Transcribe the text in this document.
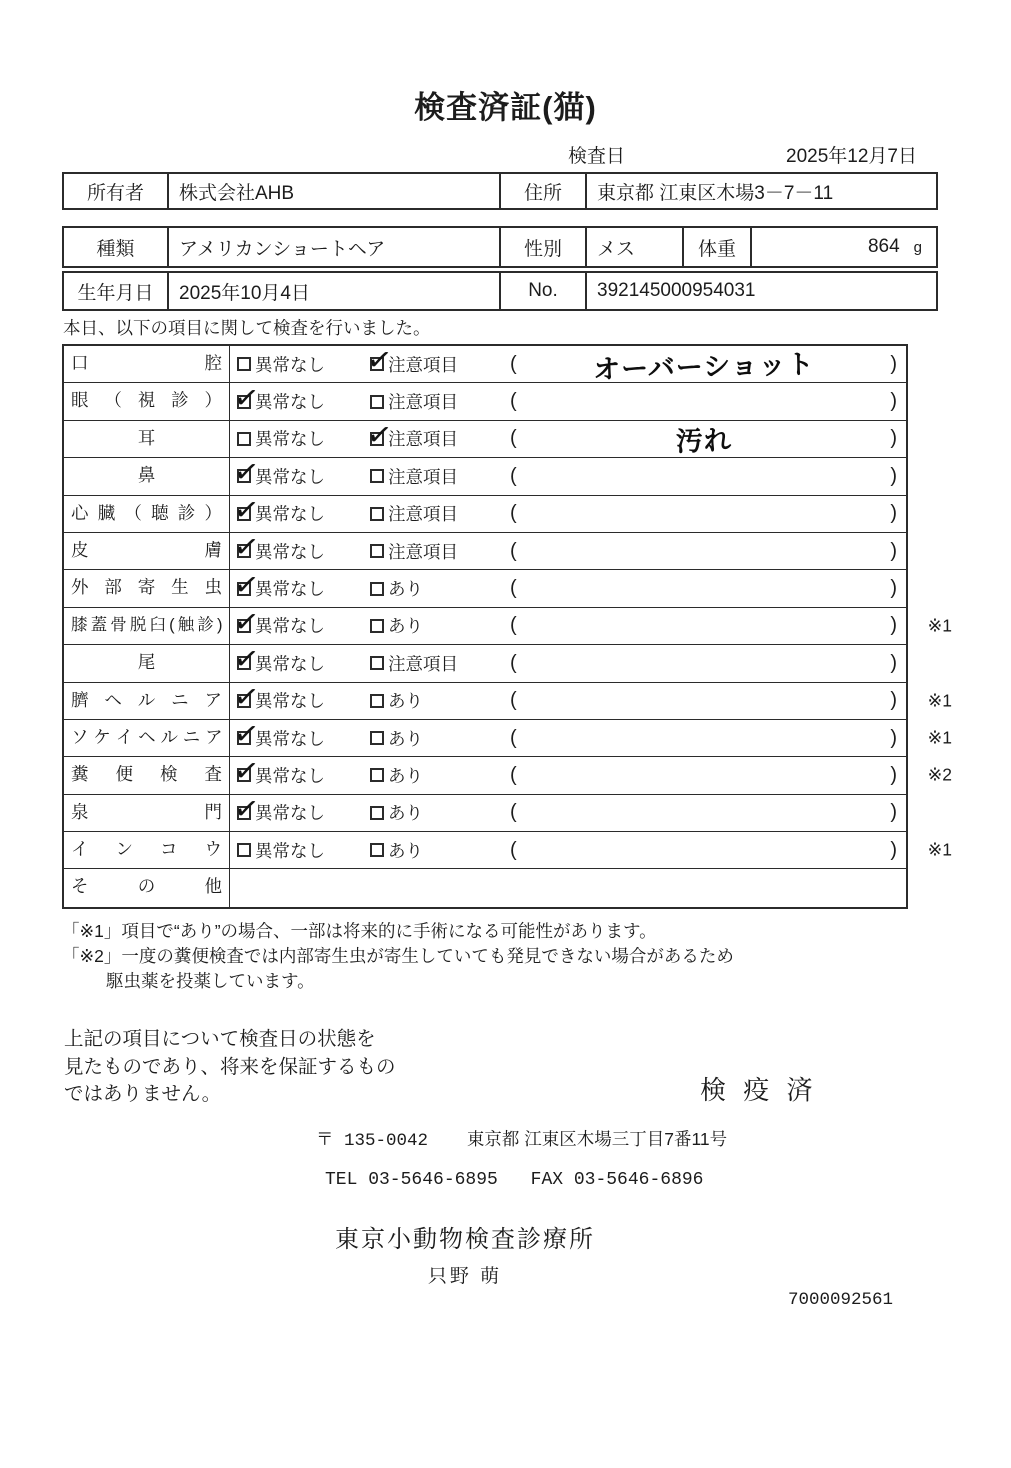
検査済証(猫)
検査日	2025年12月7日
所有者	株式会社AHB	住所	東京都 江東区木場3－7－11
種類	アメリカンショートヘア	性別	メス	体重	864 g
生年月日	2025年10月4日	No.	392145000954031
本日、以下の項目に関して検査を行いました。
口 腔	異常なし ✓	注意項目	(	オーバーショット	)
眼 （ 視 診 ） ✓	異常なし	注意項目	(	)
耳	異常なし ✓	注意項目	(	汚れ	)
鼻 ✓	異常なし	注意項目	(	)
心 臓 （ 聴 診 ） ✓	異常なし	注意項目	(	)
皮 膚 ✓	異常なし	注意項目	(	)
外 部 寄 生 虫 ✓	異常なし	あり	(	)
膝蓋骨脱臼(触診) ✓	異常なし	あり	(	) ※1
尾 ✓	異常なし	注意項目	(	)
臍 ヘ ル ニ ア ✓	異常なし	あり	(	) ※1
ソ ケ イ ヘ ル ニ ア ✓	異常なし	あり	(	) ※1
糞 便 検 査 ✓	異常なし	あり	(	) ※2
泉 門 ✓	異常なし	あり	(	)
イ ン コ ウ	異常なし	あり	(	) ※1
そ の 他
「※1」項目で“あり”の場合、一部は将来的に手術になる可能性があります。
「※2」一度の糞便検査では内部寄生虫が寄生していても発見できない場合があるため
駆虫薬を投薬しています。
上記の項目について検査日の状態を
見たものであり、将来を保証するもの
ではありません。	検 疫 済
〒 135-0042 東京都 江東区木場三丁目7番11号
TEL 03-5646-6895 FAX 03-5646-6896
東京小動物検査診療所
只野 萌
7000092561
